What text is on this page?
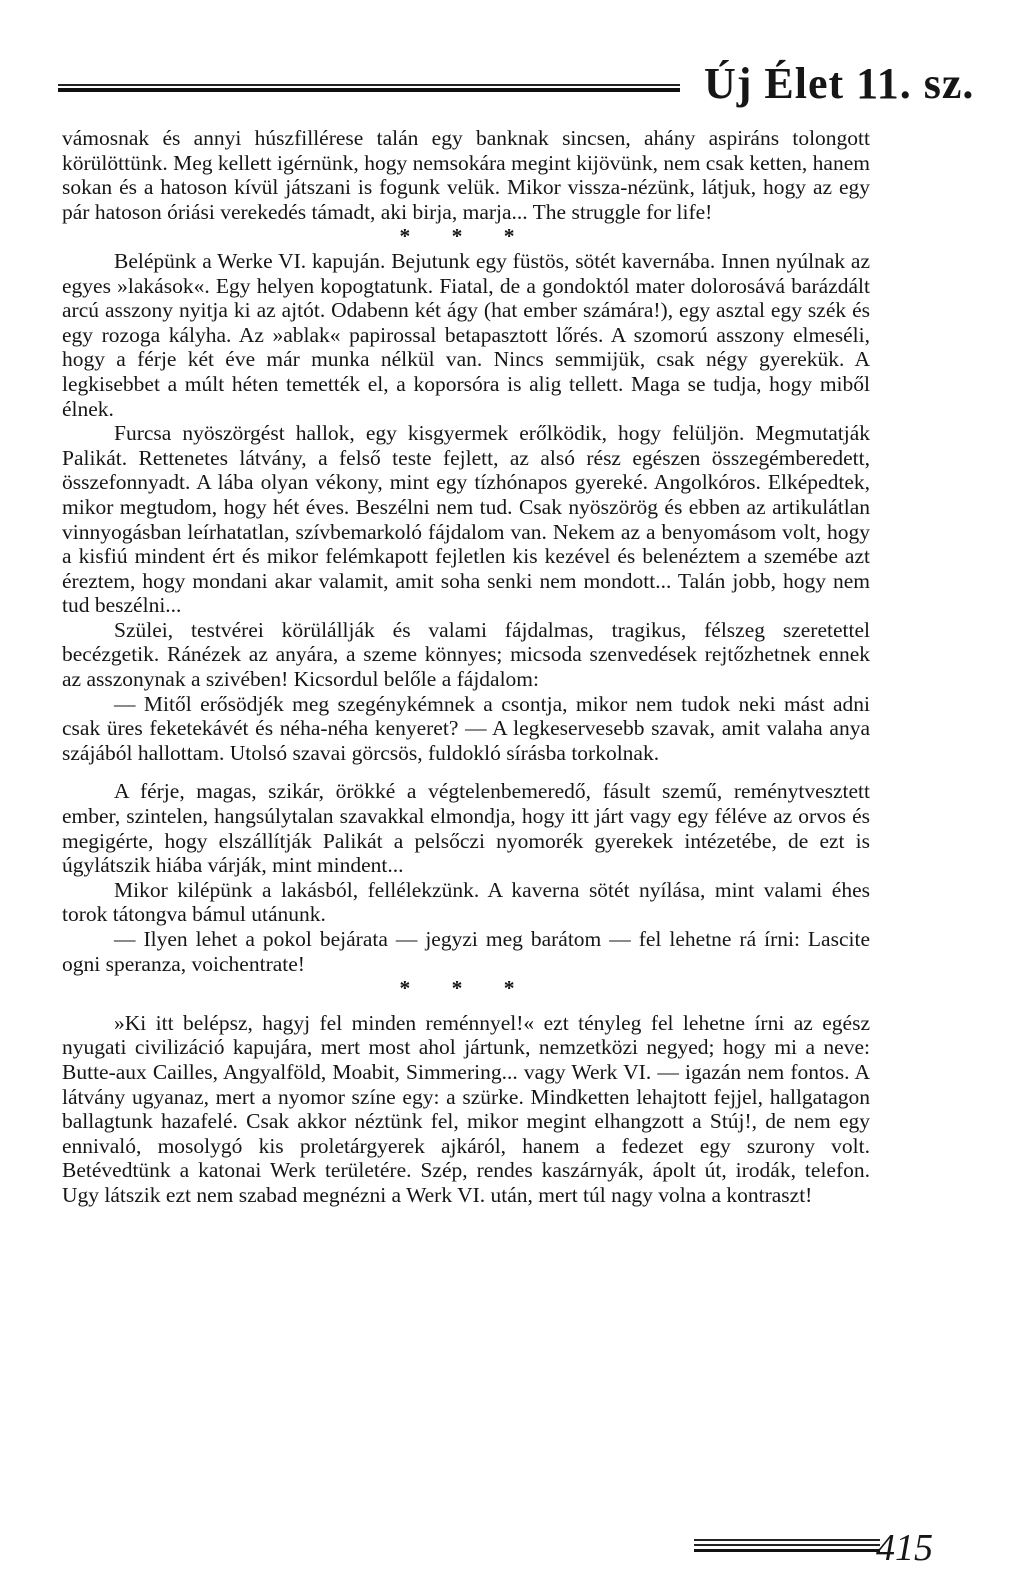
Új Élet 11. sz.

vámosnak és annyi húszfillérese talán egy banknak sincsen, ahány aspiráns tolongott körülöttünk. Meg kellett igérnünk, hogy nemsokára megint kijövünk, nem csak ketten, hanem sokan és a hatoson kívül játszani is fogunk velük. Mikor vissza-nézünk, látjuk, hogy az egy pár hatoson óriási verekedés támadt, aki birja, marja... The struggle for life!

* * *

Belépünk a Werke VI. kapuján. Bejutunk egy füstös, sötét kavernába. Innen nyúlnak az egyes »lakások«. Egy helyen kopogtatunk. Fiatal, de a gondoktól mater dolorosává barázdált arcú asszony nyitja ki az ajtót. Odabenn két ágy (hat ember számára!), egy asztal egy szék és egy rozoga kályha. Az »ablak« papirossal betapasztott lőrés. A szomorú asszony elmeséli, hogy a férje két éve már munka nélkül van. Nincs semmijük, csak négy gyerekük. A legkisebbet a múlt héten temették el, a koporsóra is alig tellett. Maga se tudja, hogy miből élnek.

Furcsa nyöszörgést hallok, egy kisgyermek erőlködik, hogy felüljön. Megmutatják Palikát. Rettenetes látvány, a felső teste fejlett, az alsó rész egészen összegémberedett, összefonnyadt. A lába olyan vékony, mint egy tízhónapos gyereké. Angolkóros. Elképedtek, mikor megtudom, hogy hét éves. Beszélni nem tud. Csak nyöszörög és ebben az artikulátlan vinnyogásban leírhatatlan, szívbemarkoló fájdalom van. Nekem az a benyomásom volt, hogy a kisfiú mindent ért és mikor felémkapott fejletlen kis kezével és belenéztem a szemébe azt éreztem, hogy mondani akar valamit, amit soha senki nem mondott... Talán jobb, hogy nem tud beszélni...

Szülei, testvérei körülállják és valami fájdalmas, tragikus, félszeg szeretettel becézgetik. Ránézek az anyára, a szeme könnyes; micsoda szenvedések rejtőzhetnek ennek az asszonynak a szivében! Kicsordul belőle a fájdalom:

— Mitől erősödjék meg szegénykémnek a csontja, mikor nem tudok neki mást adni csak üres feketekávét és néha-néha kenyeret? — A legkeservesebb szavak, amit valaha anya szájából hallottam. Utolsó szavai görcsös, fuldokló sírásba torkolnak.

A férje, magas, szikár, örökké a végtelenbemeredő, fásult szemű, reménytvesztett ember, szintelen, hangsúlytalan szavakkal elmondja, hogy itt járt vagy egy féléve az orvos és megigérte, hogy elszállítják Palikát a pelsőczi nyomorék gyerekek intézetébe, de ezt is úgylátszik hiába várják, mint mindent...

Mikor kilépünk a lakásból, fellélekzünk. A kaverna sötét nyílása, mint valami éhes torok tátongva bámul utánunk.

— Ilyen lehet a pokol bejárata — jegyzi meg barátom — fel lehetne rá írni: Lascite ogni speranza, voichentrate!

* * *

»Ki itt belépsz, hagyj fel minden reménnyel!« ezt tényleg fel lehetne írni az egész nyugati civilizáció kapujára, mert most ahol jártunk, nemzetközi negyed; hogy mi a neve: Butte-aux Cailles, Angyalföld, Moabit, Simmering... vagy Werk VI. — igazán nem fontos. A látvány ugyanaz, mert a nyomor színe egy: a szürke. Mindketten lehajtott fejjel, hallgatagon ballagtunk hazafelé. Csak akkor néztünk fel, mikor megint elhangzott a Stúj!, de nem egy ennivaló, mosolygó kis proletárgyerek ajkáról, hanem a fedezet egy szurony volt. Betévedtünk a katonai Werk területére. Szép, rendes kaszárnyák, ápolt út, irodák, telefon. Ugy látszik ezt nem szabad megnézni a Werk VI. után, mert túl nagy volna a kontraszt!

415
